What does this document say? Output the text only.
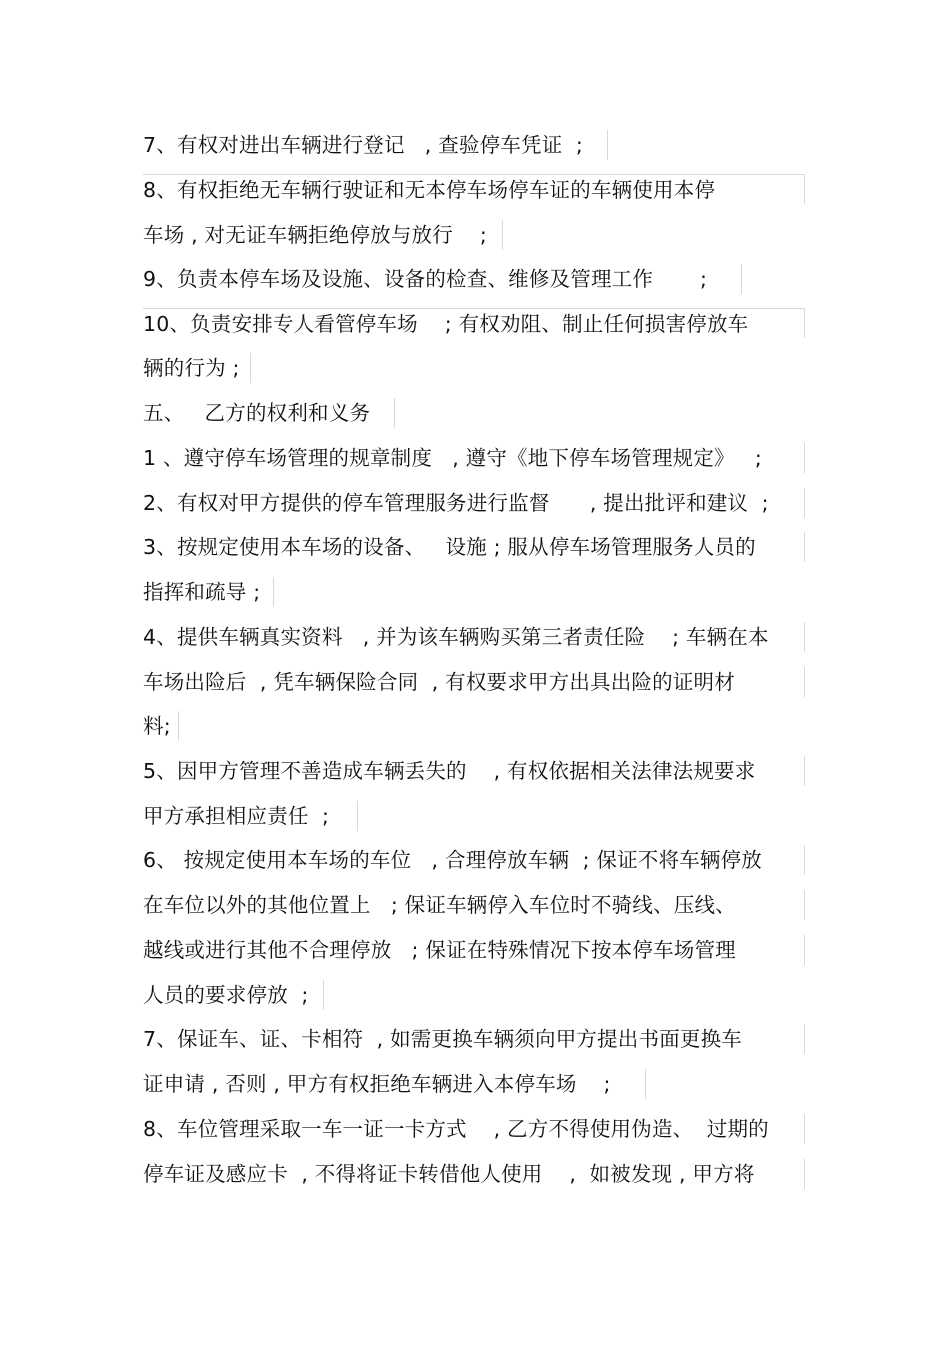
7、有权对进出车辆进行登记   , 查验停车凭证  ;
8、有权拒绝无车辆行驶证和无本停车场停车证的车辆使用本停
车场 , 对无证车辆拒绝停放与放行    ;
9、负责本停车场及设施、设备的检查、维修及管理工作       ;
10、负责安排专人看管停车场    ; 有权劝阻、制止任何损害停放车
辆的行为 ;
五、   乙方的权利和义务
1 、遵守停车场管理的规章制度   , 遵守《地下停车场管理规定》   ;
2、有权对甲方提供的停车管理服务进行监督      , 提出批评和建议  ;
3、按规定使用本车场的设备、   设施 ; 服从停车场管理服务人员的
指挥和疏导 ;
4、提供车辆真实资料   , 并为该车辆购买第三者责任险    ; 车辆在本
车场出险后  , 凭车辆保险合同  , 有权要求甲方出具出险的证明材
料;
5、因甲方管理不善造成车辆丢失的    , 有权依据相关法律法规要求
甲方承担相应责任  ;
6、 按规定使用本车场的车位   , 合理停放车辆  ; 保证不将车辆停放
在车位以外的其他位置上   ; 保证车辆停入车位时不骑线、压线、
越线或进行其他不合理停放   ; 保证在特殊情况下按本停车场管理
人员的要求停放  ;
7、保证车、证、卡相符  , 如需更换车辆须向甲方提出书面更换车
证申请 , 否则 , 甲方有权拒绝车辆进入本停车场    ;
8、车位管理采取一车一证一卡方式    , 乙方不得使用伪造、  过期的
停车证及感应卡  , 不得将证卡转借他人使用    ,  如被发现 , 甲方将
